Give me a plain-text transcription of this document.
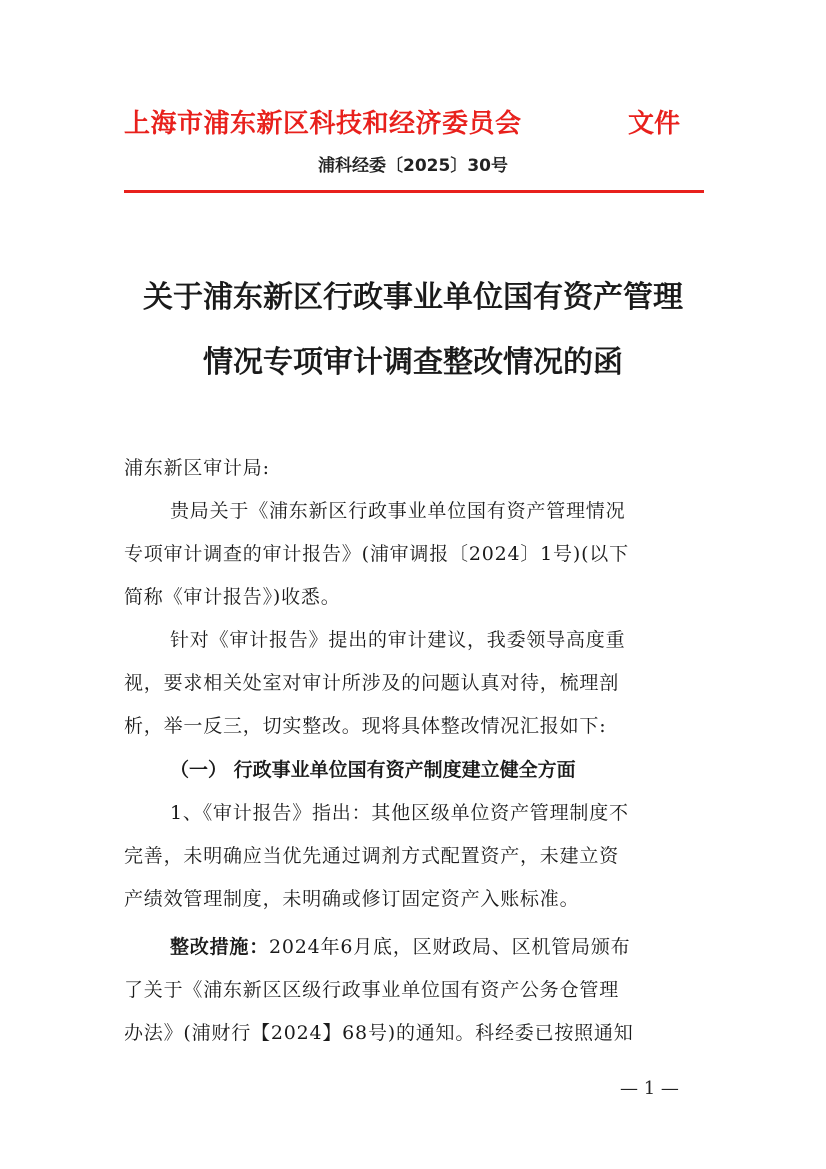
上海市浦东新区科技和经济委员会	文件
浦科经委〔2025〕30号
关于浦东新区行政事业单位国有资产管理
情况专项审计调查整改情况的函
浦东新区审计局:
贵局关于《浦东新区行政事业单位国有资产管理情况
专项审计调查的审计报告》(浦审调报〔2024〕1号)(以下
简称《审计报告》)收悉。
针对《审计报告》提出的审计建议，我委领导高度重
视，要求相关处室对审计所涉及的问题认真对待，梳理剖
析，举一反三，切实整改。现将具体整改情况汇报如下:
（一） 行政事业单位国有资产制度建立健全方面
1、《审计报告》指出：其他区级单位资产管理制度不
完善，未明确应当优先通过调剂方式配置资产，未建立资
产绩效管理制度，未明确或修订固定资产入账标准。
整改措施：2024年6月底，区财政局、区机管局颁布
了关于《浦东新区区级行政事业单位国有资产公务仓管理
办法》(浦财行【2024】68号)的通知。科经委已按照通知
— 1 —
